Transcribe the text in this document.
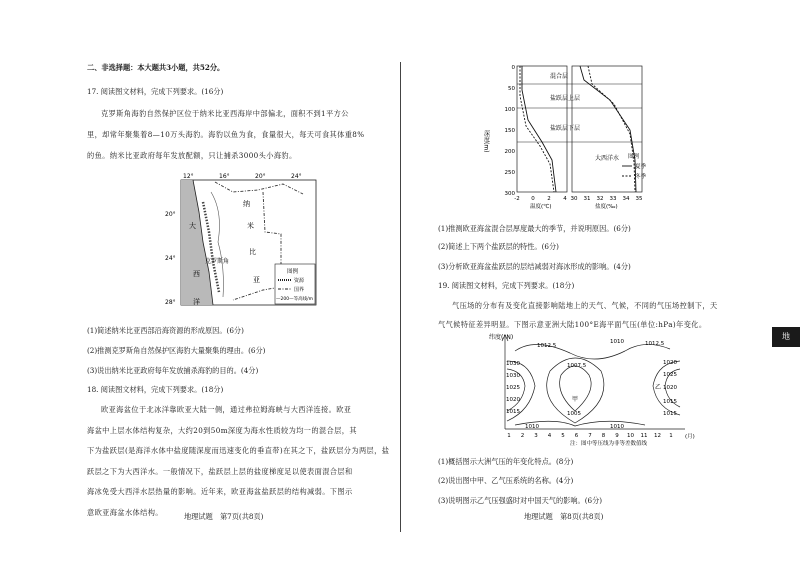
二、非选择题：本大题共3小题，共52分。
17. 阅读图文材料，完成下列要求。(16分)
克罗斯角海豹自然保护区位于纳米比亚西海岸中部偏北，面积不到1平方公
里，却常年聚集着8—10万头海豹。海豹以鱼为食，食量很大，每天可食其体重8%
的鱼。纳米比亚政府每年发放配额，只让捕杀3000头小海豹。
12°	16°	20°	24°
20°
24°
28°
大
西
洋
纳
米
比
亚
克罗斯角
图例
资源
国界
—200—等高线/m
(1)简述纳米比亚西部沿海资源的形成原因。(6分)
(2)推测克罗斯角自然保护区海豹大量聚集的理由。(6分)
(3)说出纳米比亚政府每年发放捕杀海豹的目的。(4分)
18. 阅读图文材料，完成下列要求。(18分)
欧亚海盆位于北冰洋靠欧亚大陆一侧，通过弗拉姆海峡与大西洋连接。欧亚
海盆中上层水体结构复杂，大约20到50m深度为海水性质较为均一的混合层，其
下为盐跃层(是海洋水体中盐度随深度而迅速变化的垂直带)在其之下，盐跃层分为两层，盐
跃层之下为大西洋水。一般情况下，盐跃层上层的盐度梯度足以使表面混合层和
海冰免受大西洋水层热量的影响。近年来，欧亚海盆盐跃层的结构减弱。下图示
意欧亚海盆水体结构。	地理试题　第7页(共8页)
混合层
盐跃层上层
盐跃层下层
大西洋水
深度(m)
0
50
100
150
200
250
300
-2 0 2 4 30 31 32 33 34 35
温度(℃)	盐度(‰)
图例
夏季
冬季
(1)推测欧亚海盆混合层厚度最大的季节，并说明原因。(6分)
(2)简述上下两个盐跃层的特性。(6分)
(3)分析欧亚海盆盐跃层的层结减弱对海冰形成的影响。(4分)
19. 阅读图文材料，完成下列要求。(18分)
气压场的分布有及变化直接影响陆地上的天气、气候，不同的气压场控制下，天
气气候特征差异明显。下图示意亚洲大陆100°E海平面气压(单位:hPa)年变化。
纬度(°N)
1 2 3 4 5 6 7 8 9 10 11 12 1 (月)
1012.5
1010	1012.5
1007.5
1030
1025
1020
1015
1020
1005
1025
1015
1030
1010	1010
1020
1015
甲
乙
注：图中等压线为非等差数值线
(1)概括图示大洲气压的年变化特点。(8分)
(2)说出图中甲、乙气压系统的名称。(4分)
(3)说明图示乙气压强盛时对中国天气的影响。(6分)
地理试题　第8页(共8页)
地
